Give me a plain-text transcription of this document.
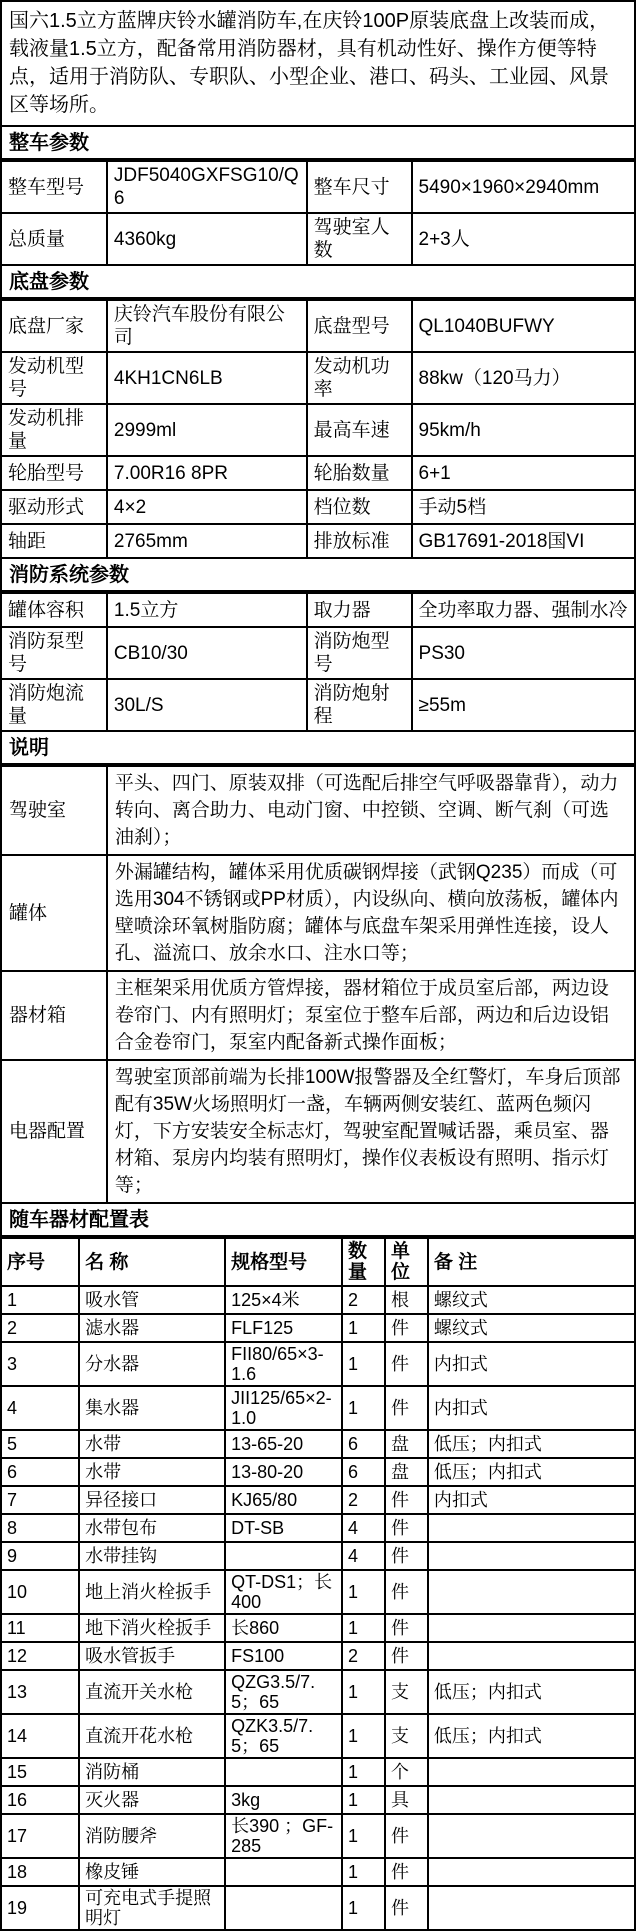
国六1.5立方蓝牌庆铃水罐消防车,在庆铃100P原装底盘上改装而成，载液量1.5立方，配备常用消防器材，具有机动性好、操作方便等特点，适用于消防队、专职队、小型企业、港口、码头、工业园、风景区等场所。
整车参数
整车型号	JDF5040GXFSG10/Q6	整车尺寸	5490×1960×2940mm
总质量	4360kg	驾驶室人数	2+3人
底盘参数
底盘厂家	庆铃汽车股份有限公司	底盘型号	QL1040BUFWY
发动机型号	4KH1CN6LB	发动机功率	88kw（120马力）
发动机排量	2999ml	最高车速	95km/h
轮胎型号	7.00R16 8PR	轮胎数量	6+1
驱动形式	4×2	档位数	手动5档
轴距	2765mm	排放标准	GB17691-2018国VI
消防系统参数
罐体容积	1.5立方	取力器	全功率取力器、强制水冷
消防泵型号	CB10/30	消防炮型号	PS30
消防炮流量	30L/S	消防炮射程	≥55m
说明
驾驶室	平头、四门、原装双排（可选配后排空气呼吸器靠背），动力转向、离合助力、电动门窗、中控锁、空调、断气刹（可选油刹）；
罐体	外漏罐结构，罐体采用优质碳钢焊接（武钢Q235）而成（可选用304不锈钢或PP材质），内设纵向、横向放荡板，罐体内壁喷涂环氧树脂防腐；罐体与底盘车架采用弹性连接，设人孔、溢流口、放余水口、注水口等；
器材箱	主框架采用优质方管焊接，器材箱位于成员室后部，两边设卷帘门、内有照明灯；泵室位于整车后部，两边和后边设铝合金卷帘门，泵室内配备新式操作面板；
电器配置	驾驶室顶部前端为长排100W报警器及全红警灯，车身后顶部配有35W火场照明灯一盏，车辆两侧安装红、蓝两色频闪灯，下方安装安全标志灯，驾驶室配置喊话器，乘员室、器材箱、泵房内均装有照明灯，操作仪表板设有照明、指示灯等；
随车器材配置表
序号	名 称	规格型号	数量	单位	备 注
1	吸水管	125×4米	2	根	螺纹式
2	滤水器	FLF125	1	件	螺纹式
3	分水器	FII80/65×3-1.6	1	件	内扣式
4	集水器	JII125/65×2-1.0	1	件	内扣式
5	水带	13-65-20	6	盘	低压；内扣式
6	水带	13-80-20	6	盘	低压；内扣式
7	异径接口	KJ65/80	2	件	内扣式
8	水带包布	DT-SB	4	件	
9	水带挂钩		4	件	
10	地上消火栓扳手	QT-DS1；长400	1	件	
11	地下消火栓扳手	长860	1	件	
12	吸水管扳手	FS100	2	件	
13	直流开关水枪	QZG3.5/7.5；65	1	支	低压；内扣式
14	直流开花水枪	QZK3.5/7.5；65	1	支	低压；内扣式
15	消防桶		1	个	
16	灭火器	3kg	1	具	
17	消防腰斧	长390 ；GF-285	1	件	
18	橡皮锤		1	件	
19	可充电式手提照明灯		1	件	
